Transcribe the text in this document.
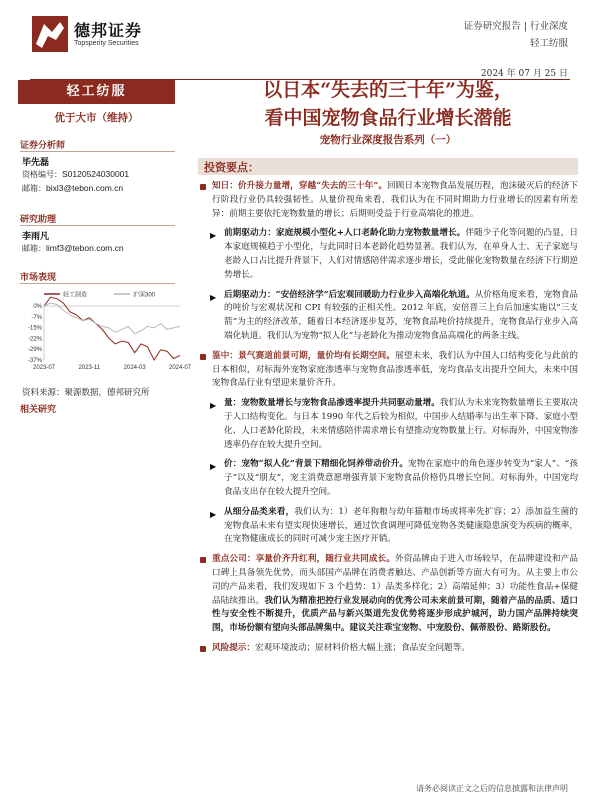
德邦证券
Topsperity Securities
证券研究报告 | 行业深度
轻工纺服
2024 年 07 月 25 日
轻工纺服
优于大市（维持）
证券分析师
毕先磊
资格编号：S0120524030001
邮箱：bixl3@tebon.com.cn
研究助理
李雨凡
邮箱：limf3@tebon.com.cn
市场表现
轻工制造	沪深300
0%
-7%
-15%
-22%
-29%
-37%
2023-07	2023-11	2024-03	2024-07
资料来源：聚源数据，德邦研究所
相关研究
以日本“失去的三十年”为鉴，
看中国宠物食品行业增长潜能
宠物行业深度报告系列（一）
投资要点：
知日：价升接力量增，穿越“失去的三十年”。回顾日本宠物食品发展历程，泡沫破灭后的经济下行阶段行业仍具较强韧性。从量价视角来看，我们认为在不同时期助力行业增长的因素有所差异：前期主要依托宠物数量的增长；后期则受益于行业高端化的推进。
▶ 前期驱动力：家庭规模小型化+人口老龄化助力宠物数量增长。伴随少子化等问题的凸显，日本家庭规模趋于小型化，与此同时日本老龄化趋势显著。我们认为，在单身人士、无子家庭与老龄人口占比提升背景下，人们对情感陪伴需求逐步增长，受此催化宠物数量在经济下行期逆势增长。
▶ 后期驱动力：“安倍经济学”后宏观回暖助力行业步入高端化轨道。从价格角度来看，宠物食品的吨价与宏观状况和 CPI 有较强的正相关性。2012 年底，安倍晋三上台后加速实施以“三支箭”为主的经济改革，随着日本经济逐步复苏，宠物食品吨价持续提升，宠物食品行业步入高端化轨道。我们认为宠物“拟人化”与老龄化为推动宠物食品高端化的两条主线。
鉴中：景气赛道前景可期，量价均有长期空间。展望未来，我们认为中国人口结构变化与此前的日本相似，对标海外宠物家庭渗透率与宠物食品渗透率低，宠均食品支出提升空间大，未来中国宠物食品行业有望迎来量价齐升。
▶ 量：宠物数量增长与宠物食品渗透率提升共同驱动量增。我们认为未来宠物数量增长主要取决于人口结构变化。与日本 1990 年代之后较为相似，中国步入结婚率与出生率下降、家庭小型化、人口老龄化阶段，未来情感陪伴需求增长有望推动宠物数量上行。对标海外，中国宠物渗透率仍存在较大提升空间。
▶ 价：宠物“拟人化”背景下精细化饲养带动价升。宠物在家庭中的角色逐步转变为“家人”、“孩子”以及“朋友”，宠主消费意愿增强背景下宠物食品价格仍具增长空间。对标海外，中国宠均食品支出存在较大提升空间。
▶ 从细分品类来看，我们认为：1）老年狗粮与幼年猫粮市场或将率先扩容；2）添加益生菌的宠物食品未来有望实现快速增长，通过饮食调理可降低宠物各类健康隐患演变为疾病的概率，在宠物健康成长的同时可减少宠主医疗开销。
重点公司：享量价齐升红利，随行业共同成长。外资品牌由于进入市场较早，在品牌建设和产品口碑上具备领先优势，而头部国产品牌在消费者触达、产品创新等方面大有可为。从主要上市公司的产品来看，我们发现如下 3 个趋势：1）品类多样化；2）高端延伸；3）功能性食品+保健品陆续推出。我们认为精准把控行业发展动向的优秀公司未来前景可期，随着产品的品质、适口性与安全性不断提升，优质产品与新兴渠道先发优势将逐步形成护城河，助力国产品牌持续突围，市场份额有望向头部品牌集中。建议关注乖宝宠物、中宠股份、佩蒂股份、路斯股份。
风险提示：宏观环境波动；原材料价格大幅上涨；食品安全问题等。
请务必阅读正文之后的信息披露和法律声明
